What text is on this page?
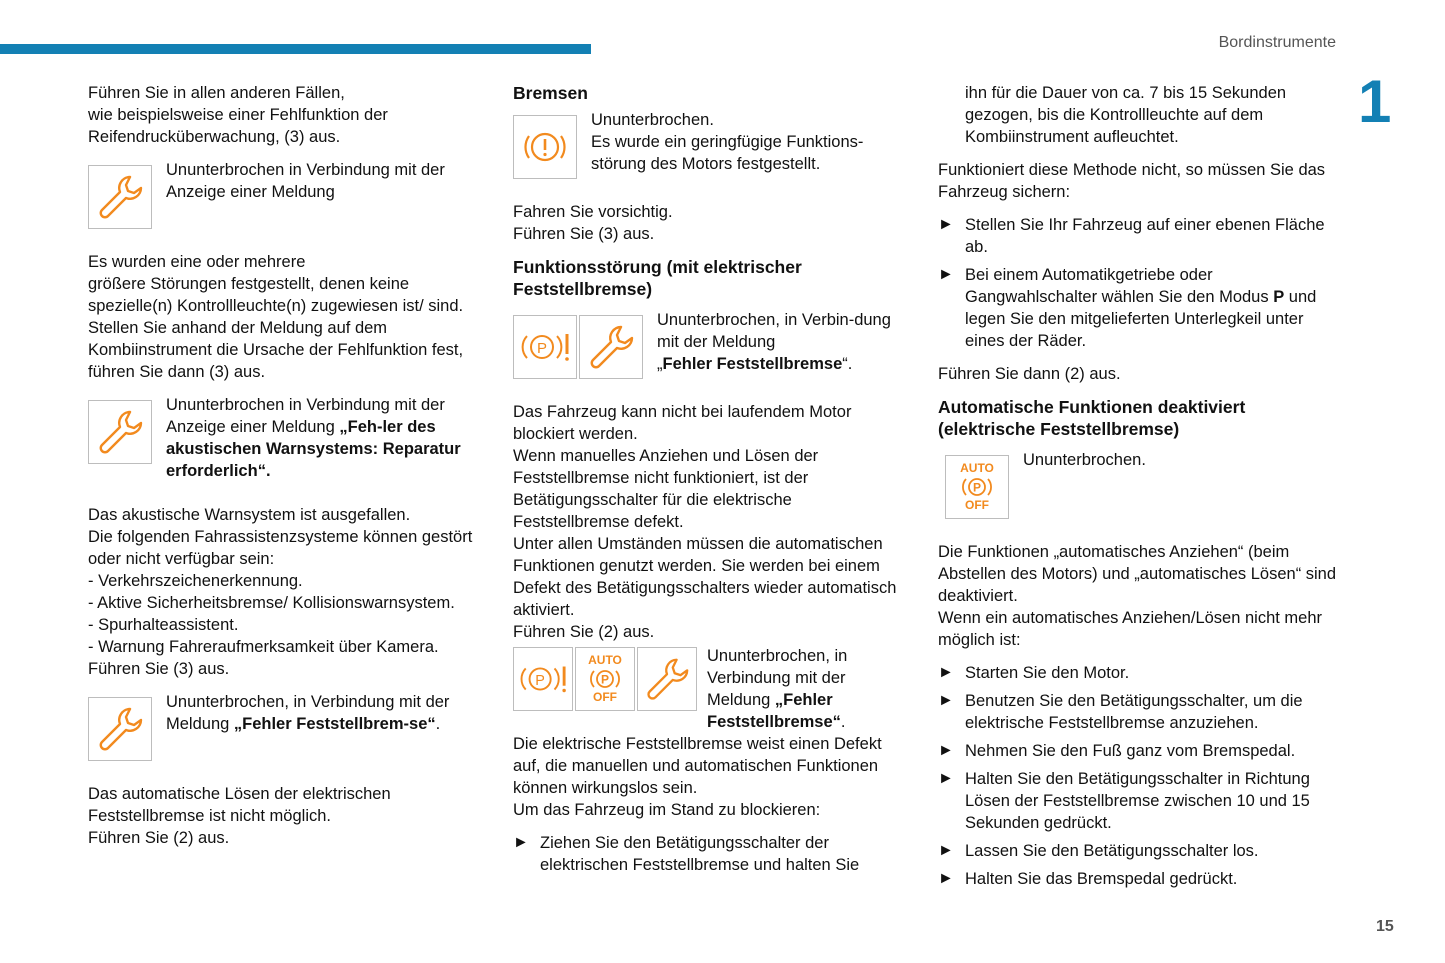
Bordinstrumente
1
15

Führen Sie in allen anderen Fällen,
wie beispielsweise einer Fehlfunktion der Reifendrucküberwachung, (3) aus.

Ununterbrochen in Verbindung mit der Anzeige einer Meldung

Es wurden eine oder mehrere
größere Störungen festgestellt, denen keine spezielle(n) Kontrollleuchte(n) zugewiesen ist/ sind.
Stellen Sie anhand der Meldung auf dem Kombiinstrument die Ursache der Fehlfunktion fest, führen Sie dann (3) aus.

Ununterbrochen in Verbindung mit der Anzeige einer Meldung „Feh-ler des akustischen Warnsystems: Reparatur erforderlich“.

Das akustische Warnsystem ist ausgefallen.
Die folgenden Fahrassistenzsysteme können gestört oder nicht verfügbar sein:
- Verkehrszeichenerkennung.
- Aktive Sicherheitsbremse/ Kollisionswarnsystem.
- Spurhalteassistent.
- Warnung Fahreraufmerksamkeit über Kamera.
Führen Sie (3) aus.

Ununterbrochen, in Verbindung mit der Meldung „Fehler Feststellbrem-se“.

Das automatische Lösen der elektrischen Feststellbremse ist nicht möglich.
Führen Sie (2) aus.

Bremsen

Ununterbrochen.
Es wurde ein geringfügige Funktions-störung des Motors festgestellt.

Fahren Sie vorsichtig.
Führen Sie (3) aus.

Funktionsstörung (mit elektrischer Feststellbremse)

P
Ununterbrochen, in Verbin-dung mit der Meldung
„Fehler Feststellbremse“.

Das Fahrzeug kann nicht bei laufendem Motor blockiert werden.
Wenn manuelles Anziehen und Lösen der Feststellbremse nicht funktioniert, ist der Betätigungsschalter für die elektrische Feststellbremse defekt.
Unter allen Umständen müssen die automatischen Funktionen genutzt werden. Sie werden bei einem Defekt des Betätigungsschalters wieder automatisch aktiviert.
Führen Sie (2) aus.

P
AUTO
P
OFF
Ununterbrochen, in Verbindung mit der Meldung „Fehler Feststellbremse“.

Die elektrische Feststellbremse weist einen Defekt auf, die manuellen und automatischen Funktionen können wirkungslos sein.
Um das Fahrzeug im Stand zu blockieren:

► Ziehen Sie den Betätigungsschalter der elektrischen Feststellbremse und halten Sie

ihn für die Dauer von ca. 7 bis 15 Sekunden gezogen, bis die Kontrollleuchte auf dem Kombiinstrument aufleuchtet.

Funktioniert diese Methode nicht, so müssen Sie das Fahrzeug sichern:

► Stellen Sie Ihr Fahrzeug auf einer ebenen Fläche ab.
► Bei einem Automatikgetriebe oder Gangwahlschalter wählen Sie den Modus P und legen Sie den mitgelieferten Unterlegkeil unter eines der Räder.

Führen Sie dann (2) aus.

Automatische Funktionen deaktiviert (elektrische Feststellbremse)

AUTO
P
OFF
Ununterbrochen.

Die Funktionen „automatisches Anziehen“ (beim Abstellen des Motors) und „automatisches Lösen“ sind deaktiviert.
Wenn ein automatisches Anziehen/Lösen nicht mehr möglich ist:

► Starten Sie den Motor.
► Benutzen Sie den Betätigungsschalter, um die elektrische Feststellbremse anzuziehen.
► Nehmen Sie den Fuß ganz vom Bremspedal.
► Halten Sie den Betätigungsschalter in Richtung Lösen der Feststellbremse zwischen 10 und 15 Sekunden gedrückt.
► Lassen Sie den Betätigungsschalter los.
► Halten Sie das Bremspedal gedrückt.
